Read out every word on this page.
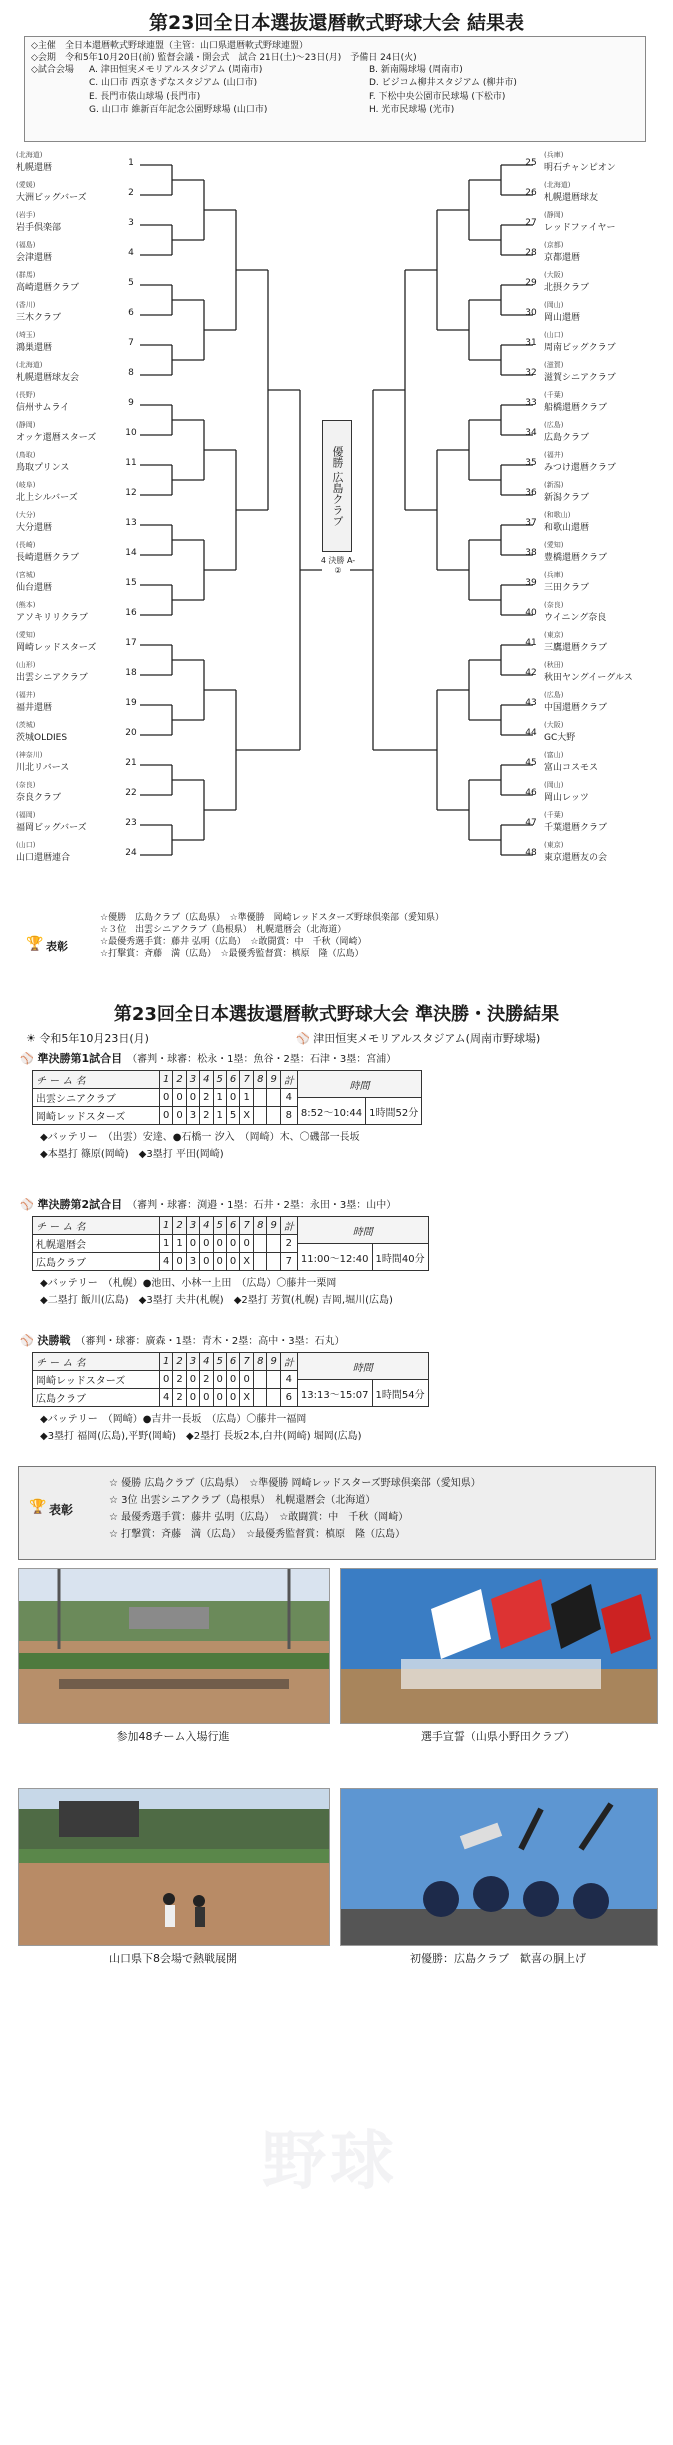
第23回全日本選抜還暦軟式野球大会 結果表
◇主催　 全日本還暦軟式野球連盟（主管：山口県還暦軟式野球連盟）
◇会期　 令和5年10月20日(前) 監督会議・開会式　試合 21日(土)〜23日(月)　予備日 24日(火)
◇試合会場	A. 津田恒実メモリアルスタジアム (周南市)	B. 新南陽球場 (周南市)
C. 山口市 西京きずなスタジアム (山口市)	D. ビジコム柳井スタジアム (柳井市)
E. 長門市俵山球場 (長門市)	F. 下松中央公園市民球場 (下松市)
G. 山口市 維新百年記念公園野球場 (山口市)	H. 光市民球場 (光市)
(北海道)
札幌還暦	1
(愛媛)
大洲ビッグバーズ	2
(岩手)
岩手倶楽部	3
(福島)
会津還暦	4
(群馬)
高崎還暦クラブ	5
(香川)
三木クラブ	6
(埼玉)
鴻巣還暦	7
(北海道)
札幌還暦球友会	8
(長野)
信州サムライ	9
(静岡)
オッケ還暦スターズ	10
(鳥取)
鳥取プリンス	11
(岐阜)
北上シルバーズ	12
(大分)
大分還暦	13
(長崎)
長崎還暦クラブ	14
(宮城)
仙台還暦	15
(熊本)
アソキリリクラブ	16
(愛知)
岡崎レッドスターズ	17
(山形)
出雲シニアクラブ	18
(福井)
福井還暦	19
(茨城)
茨城OLDIES	20
(神奈川)
川北リバース	21
(奈良)
奈良クラブ	22
(福岡)
福岡ビッグバーズ	23
(山口)
山口還暦連合	24
(兵庫)
明石チャンピオン
25
(北海道)
札幌還暦球友
26
(静岡)
レッドファイヤー
27
(京都)
京都還暦
28
(大阪)
北摂クラブ
29
(岡山)
岡山還暦
30
(山口)
周南ビッグクラブ
31
(滋賀)
滋賀シニアクラブ
32
(千葉)
船橋還暦クラブ
33
(広島)
広島クラブ
34
(福井)
みつけ還暦クラブ
35
(新潟)
新潟クラブ
36
(和歌山)
和歌山還暦
37
(愛知)
豊橋還暦クラブ
38
(兵庫)
三田クラブ
39
(奈良)
ウイニング奈良
40
(東京)
三鷹還暦クラブ
41
(秋田)
秋田ヤングイーグルス
42
(広島)
中国還暦クラブ
43
(大阪)
GC大野
44
(富山)
富山コスモス
45
(岡山)
岡山レッツ
46
(千葉)
千葉還暦クラブ
47
(東京)
東京還暦友の会
48
優勝 広島クラブ
4 決勝 A-②
🏆 表彰
☆優勝　広島クラブ（広島県）　☆準優勝　岡崎レッドスターズ野球倶楽部（愛知県）
☆３位　出雲シニアクラブ（島根県）　札幌還暦会（北海道）
☆最優秀選手賞：藤井 弘明（広島）　☆敢闘賞：中　千秋（岡崎）
☆打撃賞：斉藤　満（広島）　☆最優秀監督賞：槙原　隆（広島）
第23回全日本選抜還暦軟式野球大会 準決勝・決勝結果
☀ 令和5年10月23日(月)	⚾ 津田恒実メモリアルスタジアム(周南市野球場)
⚾ 準決勝第1試合目　（審判・球審：松永・1塁：魚谷・2塁：石津・3塁：宮浦）
チ ー ム 名	1	2	3	4	5	6	7	8	9	計
出雲シニアクラブ	0	0	0	2	1	0	1			4
岡崎レッドスターズ	0	0	3	2	1	5	X			8
時間
8:52〜10:44	1時間52分
◆バッテリー　（出雲）安達、●石橋一 汐入　（岡崎）木、〇磯部一長坂
◆本塁打 篠原(岡崎)　◆3塁打 平田(岡崎)
⚾ 準決勝第2試合目　（審判・球審：渕邉・1塁：石井・2塁：永田・3塁：山中）
チ ー ム 名	1	2	3	4	5	6	7	8	9	計
札幌還暦会	1	1	0	0	0	0	0			2
広島クラブ	4	0	3	0	0	0	X			7
時間
11:00〜12:40	1時間40分
◆バッテリー　（札幌）●池田、小林一上田　（広島）〇藤井一栗岡
◆二塁打 飯川(広島)　◆3塁打 夫井(札幌)　◆2塁打 芳賀(札幌) 吉岡,堀川(広島)
⚾ 決勝戦　（審判・球審：廣森・1塁：青木・2塁：高中・3塁：石丸）
チ ー ム 名	1	2	3	4	5	6	7	8	9	計
岡崎レッドスターズ	0	2	0	2	0	0	0			4
広島クラブ	4	2	0	0	0	0	X			6
時間
13:13〜15:07	1時間54分
◆バッテリー　（岡崎）●吉井一長坂　（広島）〇藤井一福岡
◆3塁打 福岡(広島),平野(岡崎)　◆2塁打 長坂2本,白井(岡崎) 堀岡(広島)
🏆 表彰
☆ 優勝 広島クラブ（広島県）　☆準優勝 岡崎レッドスターズ野球倶楽部（愛知県）
☆ 3位 出雲シニアクラブ（島根県）　札幌還暦会（北海道）
☆ 最優秀選手賞：藤井 弘明（広島）　☆敢闘賞：中　千秋（岡崎）
☆ 打撃賞：斉藤　満（広島）　☆最優秀監督賞：槙原　隆（広島）
参加48チーム入場行進	選手宣誓（山県小野田クラブ）
山口県下8会場で熱戦展開	初優勝：広島クラブ　歓喜の胴上げ
野球
